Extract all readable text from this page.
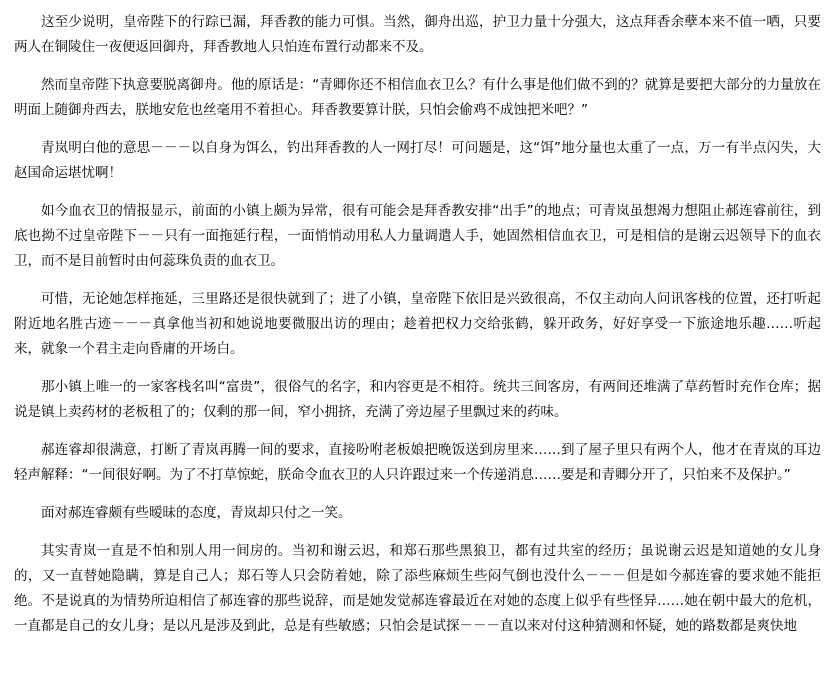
这至少说明，皇帝陛下的行踪已漏，拜香教的能力可惧。当然，御舟出巡，护卫力量十分强大，这点拜香余孽本来不值一哂，只要两人在铜陵住一夜便返回御舟，拜香教地人只怕连布置行动都来不及。

然而皇帝陛下执意要脱离御舟。他的原话是：“青卿你还不相信血衣卫么？有什么事是他们做不到的？就算是要把大部分的力量放在明面上随御舟西去，朕地安危也丝毫用不着担心。拜香教要算计朕，只怕会偷鸡不成蚀把米吧？”

青岚明白他的意思－－－以自身为饵么，钓出拜香教的人一网打尽！可问题是，这“饵”地分量也太重了一点，万一有半点闪失，大赵国命运堪忧啊！

如今血衣卫的情报显示，前面的小镇上颇为异常，很有可能会是拜香教安排“出手”的地点；可青岚虽想竭力想阻止郝连睿前往，到底也拗不过皇帝陛下－－只有一面拖延行程，一面悄悄动用私人力量调遣人手，她固然相信血衣卫，可是相信的是谢云迟领导下的血衣卫，而不是目前暂时由何蕊珠负责的血衣卫。

可惜，无论她怎样拖延，三里路还是很快就到了；进了小镇，皇帝陛下依旧是兴致很高，不仅主动向人问讯客栈的位置，还打听起附近地名胜古迹－－－真拿他当初和她说地要微服出访的理由；趁着把权力交给张鹤，躲开政务，好好享受一下旅途地乐趣……听起来，就象一个君主走向昏庸的开场白。

那小镇上唯一的一家客栈名叫“富贵”，很俗气的名字，和内容更是不相符。统共三间客房，有两间还堆满了草药暂时充作仓库；据说是镇上卖药材的老板租了的；仅剩的那一间，窄小拥挤，充满了旁边屋子里飘过来的药味。

郝连睿却很满意，打断了青岚再腾一间的要求，直接吩咐老板娘把晚饭送到房里来……到了屋子里只有两个人，他才在青岚的耳边轻声解释：“一间很好啊。为了不打草惊蛇，朕命令血衣卫的人只许跟过来一个传递消息……要是和青卿分开了，只怕来不及保护。”

面对郝连睿颇有些暧昧的态度，青岚却只付之一笑。

其实青岚一直是不怕和别人用一间房的。当初和谢云迟，和郑石那些黑狼卫，都有过共室的经历；虽说谢云迟是知道她的女儿身的，又一直替她隐瞒，算是自己人；郑石等人只会防着她，除了添些麻烦生些闷气倒也没什么－－－但是如今郝连睿的要求她不能拒绝。不是说真的为情势所迫相信了郝连睿的那些说辞，而是她发觉郝连睿最近在对她的态度上似乎有些怪异……她在朝中最大的危机，一直都是自己的女儿身；是以凡是涉及到此，总是有些敏感；只怕会是试探－－－直以来对付这种猜测和怀疑，她的路数都是爽快地
